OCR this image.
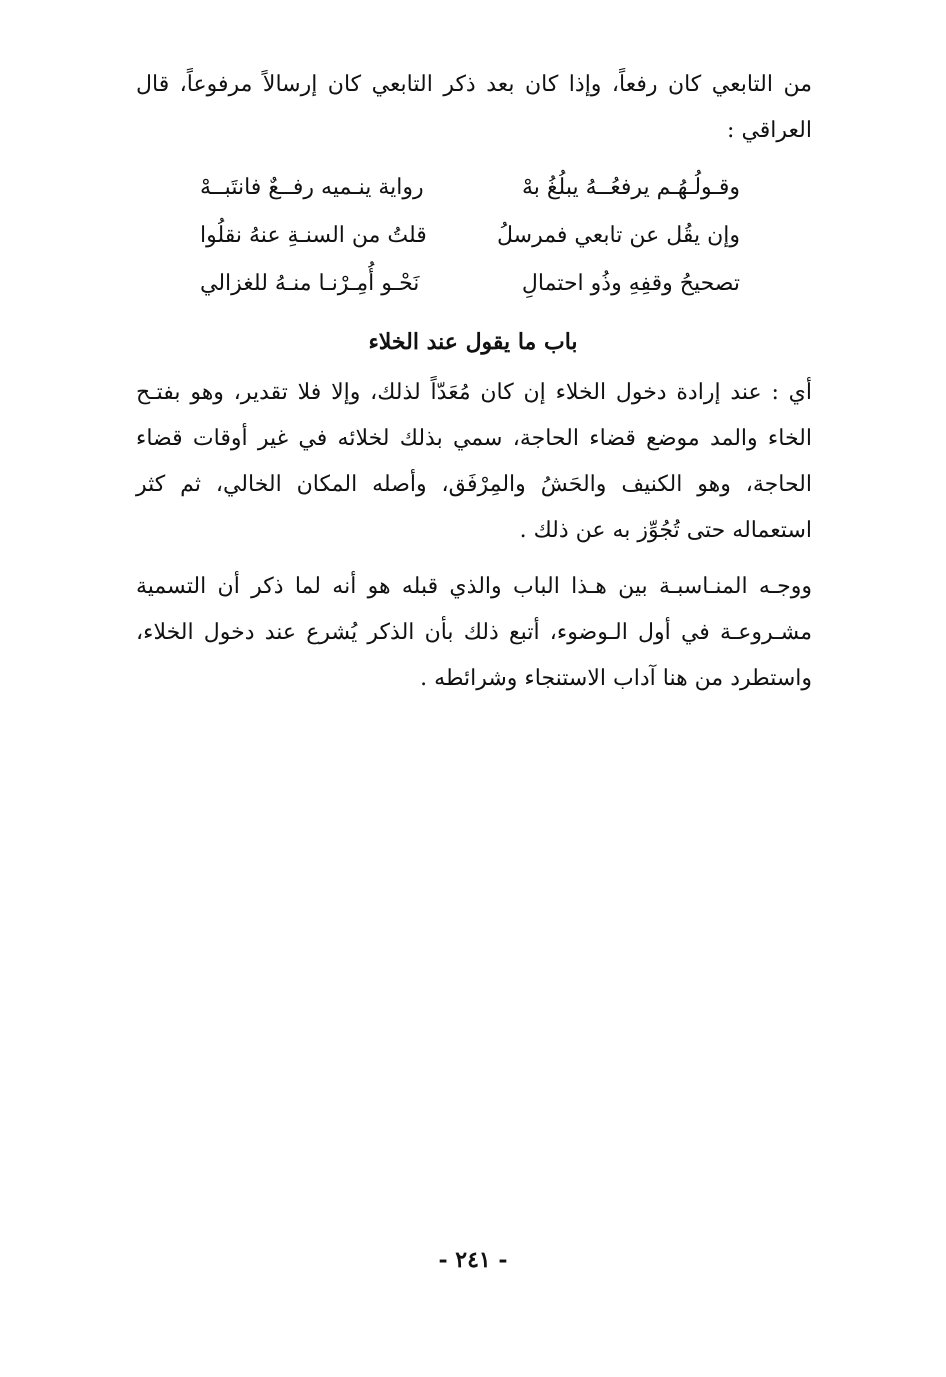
من التابعي كان رفعاً، وإذا كان بعد ذكر التابعي كان إرسالاً مرفوعاً، قال العراقي :

وقـولُـهُـم يرفعُــهُ يبلُغُ بهْ
رواية ينـميه رفــعٌ فانتَبــهْ
وإن يقُل عن تابعي فمرسلُ
قلتُ من السنـةِ عنهُ نقلُوا
تصحيحُ وقفِهِ وذُو احتمالِ
نَحْـو أُمِـرْنـا منـهُ للغزالي
باب ما يقول عند الخلاء

أي : عند إرادة دخول الخلاء إن كان مُعَدّاً لذلك، وإلا فلا تقدير، وهو بفتـح الخاء والمد موضع قضاء الحاجة، سمي بذلك لخلائه في غير أوقات قضاء الحاجة، وهو الكنيف والحَشُ والمِرْفَق، وأصله المكان الخالي، ثم كثر استعماله حتى تُجُوِّز به عن ذلك .

ووجـه المنـاسبـة بين هـذا الباب والذي قبله هو أنه لما ذكر أن التسمية مشـروعـة في أول الـوضوء، أتبع ذلك بأن الذكر يُشرع عند دخول الخلاء، واستطرد من هنا آداب الاستنجاء وشرائطه .

- ٢٤١ -
